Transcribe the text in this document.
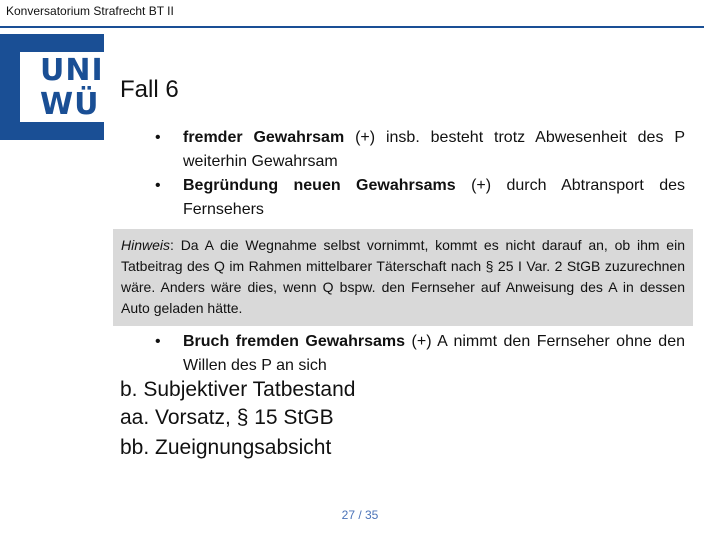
Konversatorium Strafrecht BT II
UNI
WÜ Fall 6
• fremder Gewahrsam (+) insb. besteht trotz Abwesenheit des P weiterhin Gewahrsam
• Begründung neuen Gewahrsams (+) durch Abtransport des Fernsehers
Hinweis: Da A die Wegnahme selbst vornimmt, kommt es nicht darauf an, ob ihm ein Tatbeitrag des Q im Rahmen mittelbarer Täterschaft nach § 25 I Var. 2 StGB zuzurechnen wäre. Anders wäre dies, wenn Q bspw. den Fernseher auf Anweisung des A in dessen Auto geladen hätte.
• Bruch fremden Gewahrsams (+) A nimmt den Fernseher ohne den Willen des P an sich
b. Subjektiver Tatbestand
aa. Vorsatz, § 15 StGB
bb. Zueignungsabsicht
27 / 35
